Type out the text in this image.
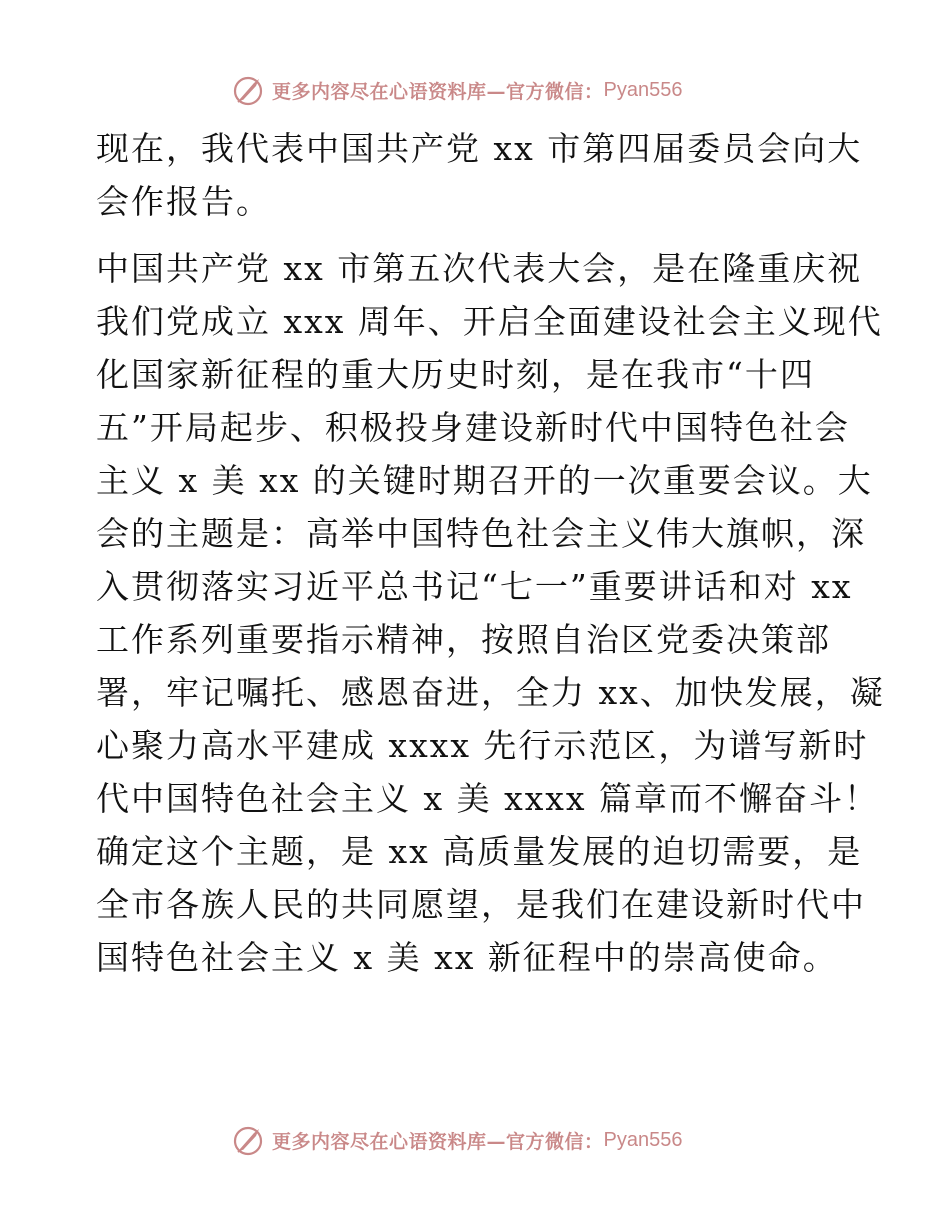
更多内容尽在心语资料库—官方微信： Pyan556

现在，我代表中国共产党 xx 市第四届委员会向大
会作报告。

中国共产党 xx 市第五次代表大会，是在隆重庆祝
我们党成立 xxx 周年、开启全面建设社会主义现代
化国家新征程的重大历史时刻，是在我市“十四
五”开局起步、积极投身建设新时代中国特色社会
主义 x 美 xx 的关键时期召开的一次重要会议。大
会的主题是：高举中国特色社会主义伟大旗帜，深
入贯彻落实习近平总书记“七一”重要讲话和对 xx
工作系列重要指示精神，按照自治区党委决策部
署，牢记嘱托、感恩奋进，全力 xx、加快发展，凝
心聚力高水平建成 xxxx 先行示范区，为谱写新时
代中国特色社会主义 x 美 xxxx 篇章而不懈奋斗！
确定这个主题，是 xx 高质量发展的迫切需要，是
全市各族人民的共同愿望，是我们在建设新时代中
国特色社会主义 x 美 xx 新征程中的崇高使命。

更多内容尽在心语资料库—官方微信： Pyan556
